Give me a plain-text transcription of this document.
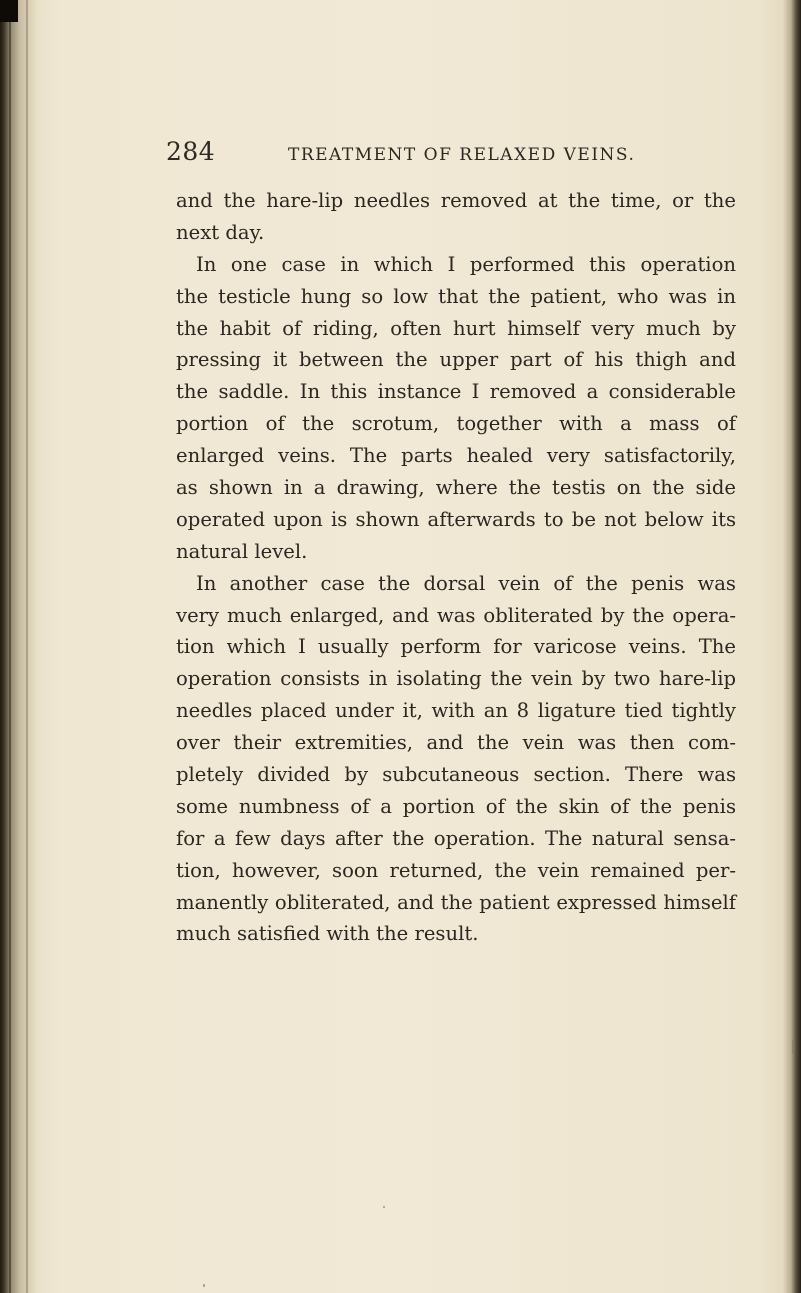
284	TREATMENT OF RELAXED VEINS.
and the hare-lip needles removed at the time, or the
next day.
In one case in which I performed this operation
the testicle hung so low that the patient, who was in
the habit of riding, often hurt himself very much by
pressing it between the upper part of his thigh and
the saddle. In this instance I removed a considerable
portion of the scrotum, together with a mass of
enlarged veins. The parts healed very satisfactorily,
as shown in a drawing, where the testis on the side
operated upon is shown afterwards to be not below its
natural level.
In another case the dorsal vein of the penis was
very much enlarged, and was obliterated by the opera-
tion which I usually perform for varicose veins. The
operation consists in isolating the vein by two hare-lip
needles placed under it, with an 8 ligature tied tightly
over their extremities, and the vein was then com-
pletely divided by subcutaneous section. There was
some numbness of a portion of the skin of the penis
for a few days after the operation. The natural sensa-
tion, however, soon returned, the vein remained per-
manently obliterated, and the patient expressed himself
much satisfied with the result.
